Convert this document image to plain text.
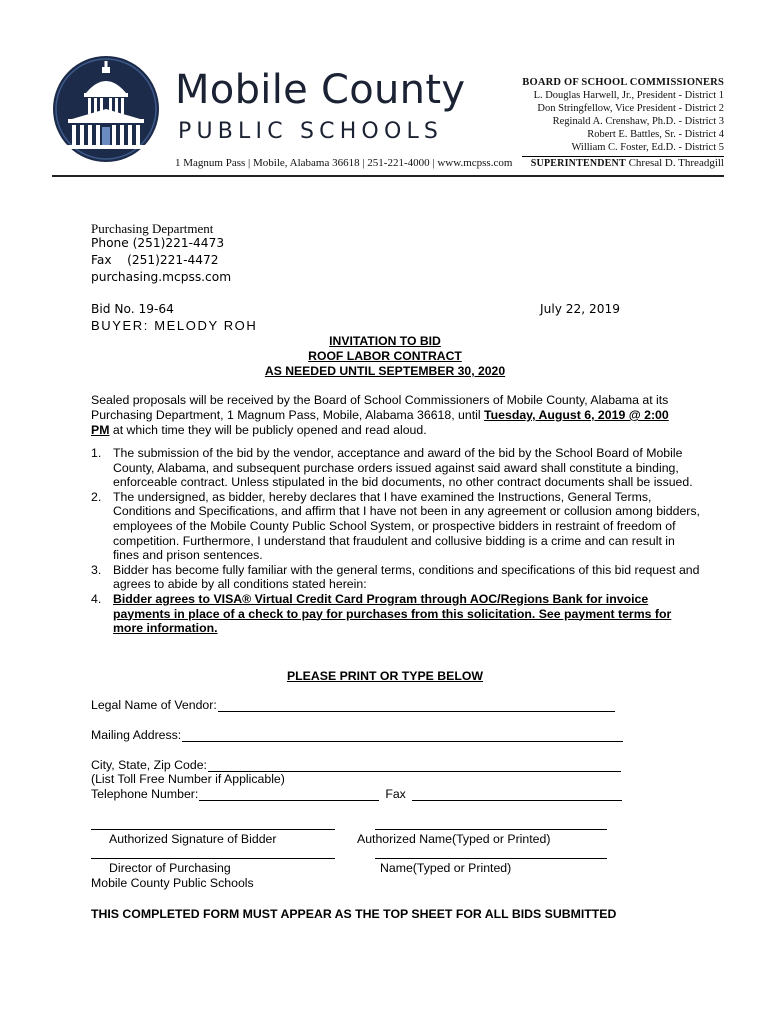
Mobile County
PUBLIC SCHOOLS
1 Magnum Pass | Mobile, Alabama 36618 | 251-221-4000 | www.mcpss.com
BOARD OF SCHOOL COMMISSIONERS
L. Douglas Harwell, Jr., President - District 1
Don Stringfellow, Vice President - District 2
Reginald A. Crenshaw, Ph.D. - District 3
Robert E. Battles, Sr. - District 4
William C. Foster, Ed.D. - District 5
SUPERINTENDENT Chresal D. Threadgill
Purchasing Department
Phone (251)221-4473
Fax    (251)221-4472
purchasing.mcpss.com
Bid No. 19-64
BUYER: MELODY ROH
July 22, 2019
INVITATION TO BID
ROOF LABOR CONTRACT
AS NEEDED UNTIL SEPTEMBER 30, 2020
Sealed proposals will be received by the Board of School Commissioners of Mobile County, Alabama at its Purchasing Department, 1 Magnum Pass, Mobile, Alabama 36618, until Tuesday, August 6, 2019 @ 2:00 PM at which time they will be publicly opened and read aloud.
1. The submission of the bid by the vendor, acceptance and award of the bid by the School Board of Mobile County, Alabama, and subsequent purchase orders issued against said award shall constitute a binding, enforceable contract. Unless stipulated in the bid documents, no other contract documents shall be issued.
2. The undersigned, as bidder, hereby declares that I have examined the Instructions, General Terms, Conditions and Specifications, and affirm that I have not been in any agreement or collusion among bidders, employees of the Mobile County Public School System, or prospective bidders in restraint of freedom of competition. Furthermore, I understand that fraudulent and collusive bidding is a crime and can result in fines and prison sentences.
3. Bidder has become fully familiar with the general terms, conditions and specifications of this bid request and agrees to abide by all conditions stated herein:
4. Bidder agrees to VISA® Virtual Credit Card Program through AOC/Regions Bank for invoice payments in place of a check to pay for purchases from this solicitation. See payment terms for more information.
PLEASE PRINT OR TYPE BELOW
Legal Name of Vendor:
Mailing Address:
City, State, Zip Code:
(List Toll Free Number if Applicable)
Telephone Number:	Fax
Authorized Signature of Bidder	Authorized Name(Typed or Printed)
Director of Purchasing
Mobile County Public Schools
Name(Typed or Printed)
THIS COMPLETED FORM MUST APPEAR AS THE TOP SHEET FOR ALL BIDS SUBMITTED
